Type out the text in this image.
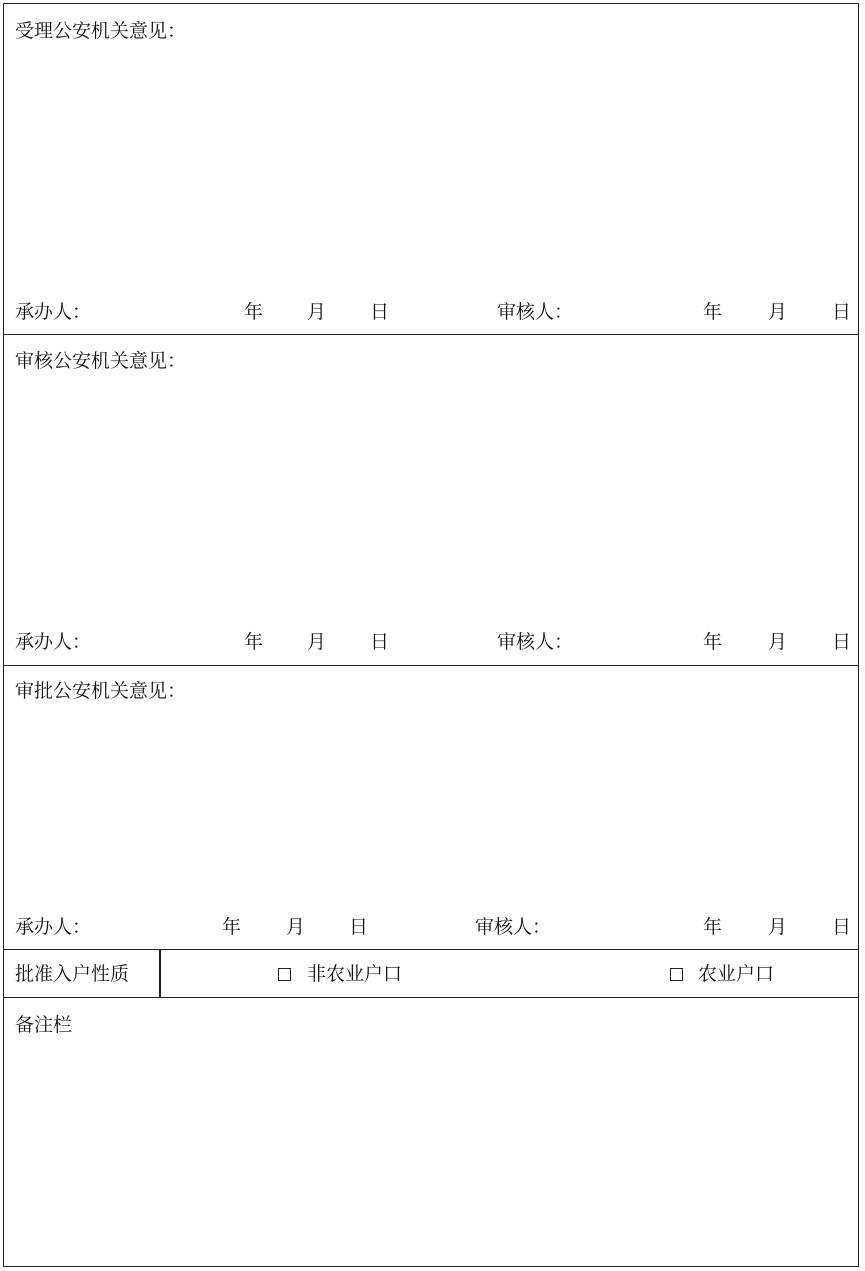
受理公安机关意见：
承办人：	年 月 日	审核人：	年 月 日
审核公安机关意见：
承办人：	年 月 日	审核人：	年 月 日
审批公安机关意见：
承办人：	年 月 日	审核人：	年 月 日
批准入户性质	非农业户口	农业户口
备注栏
